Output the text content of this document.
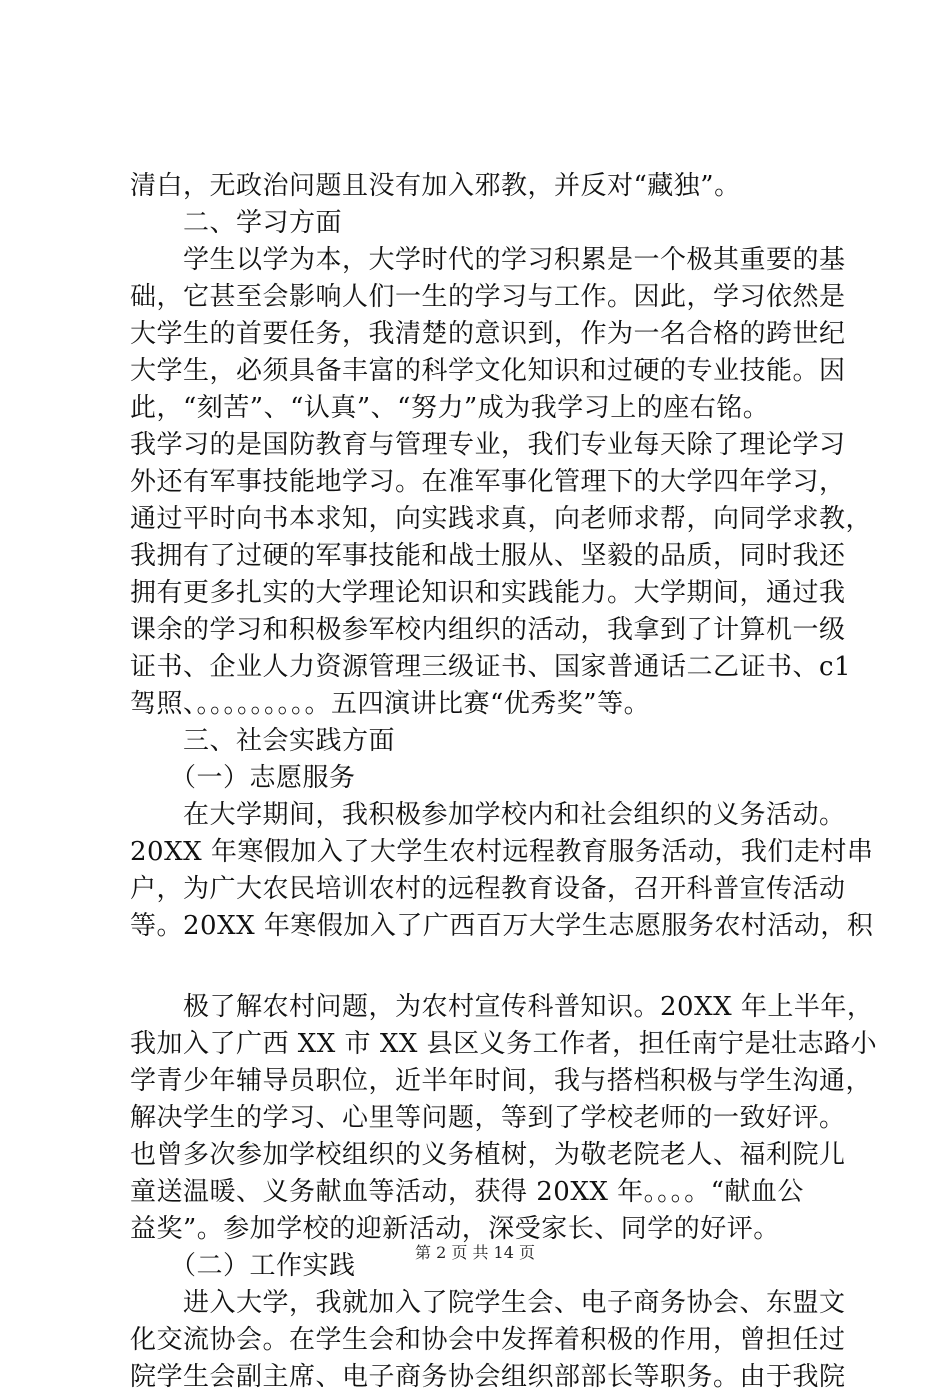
清白，无政治问题且没有加入邪教，并反对“藏独”。
　　二、学习方面
　　学生以学为本，大学时代的学习积累是一个极其重要的基
础，它甚至会影响人们一生的学习与工作。因此，学习依然是
大学生的首要任务，我清楚的意识到，作为一名合格的跨世纪
大学生，必须具备丰富的科学文化知识和过硬的专业技能。因
此，“刻苦”、“认真”、“努力”成为我学习上的座右铭。
我学习的是国防教育与管理专业，我们专业每天除了理论学习
外还有军事技能地学习。在准军事化管理下的大学四年学习，
通过平时向书本求知，向实践求真，向老师求帮，向同学求教，
我拥有了过硬的军事技能和战士服从、坚毅的品质，同时我还
拥有更多扎实的大学理论知识和实践能力。大学期间，通过我
课余的学习和积极参军校内组织的活动，我拿到了计算机一级
证书、企业人力资源管理三级证书、国家普通话二乙证书、c1
驾照、。。。。。。。。。五四演讲比赛“优秀奖”等。
　　三、社会实践方面
　　（一）志愿服务
　　在大学期间，我积极参加学校内和社会组织的义务活动。
20XX 年寒假加入了大学生农村远程教育服务活动，我们走村串
户，为广大农民培训农村的远程教育设备，召开科普宣传活动
等。20XX 年寒假加入了广西百万大学生志愿服务农村活动，积
　　极了解农村问题，为农村宣传科普知识。20XX 年上半年，
我加入了广西 XX 市 XX 县区义务工作者，担任南宁是壮志路小
学青少年辅导员职位，近半年时间，我与搭档积极与学生沟通，
解决学生的学习、心里等问题，等到了学校老师的一致好评。
也曾多次参加学校组织的义务植树，为敬老院老人、福利院儿
童送温暖、义务献血等活动，获得 20XX 年。。。。“献血公
益奖”。参加学校的迎新活动，深受家长、同学的好评。
　　（二）工作实践
　　进入大学，我就加入了院学生会、电子商务协会、东盟文
化交流协会。在学生会和协会中发挥着积极的作用，曾担任过
院学生会副主席、电子商务协会组织部部长等职务。由于我院
第 2 页 共 14 页
